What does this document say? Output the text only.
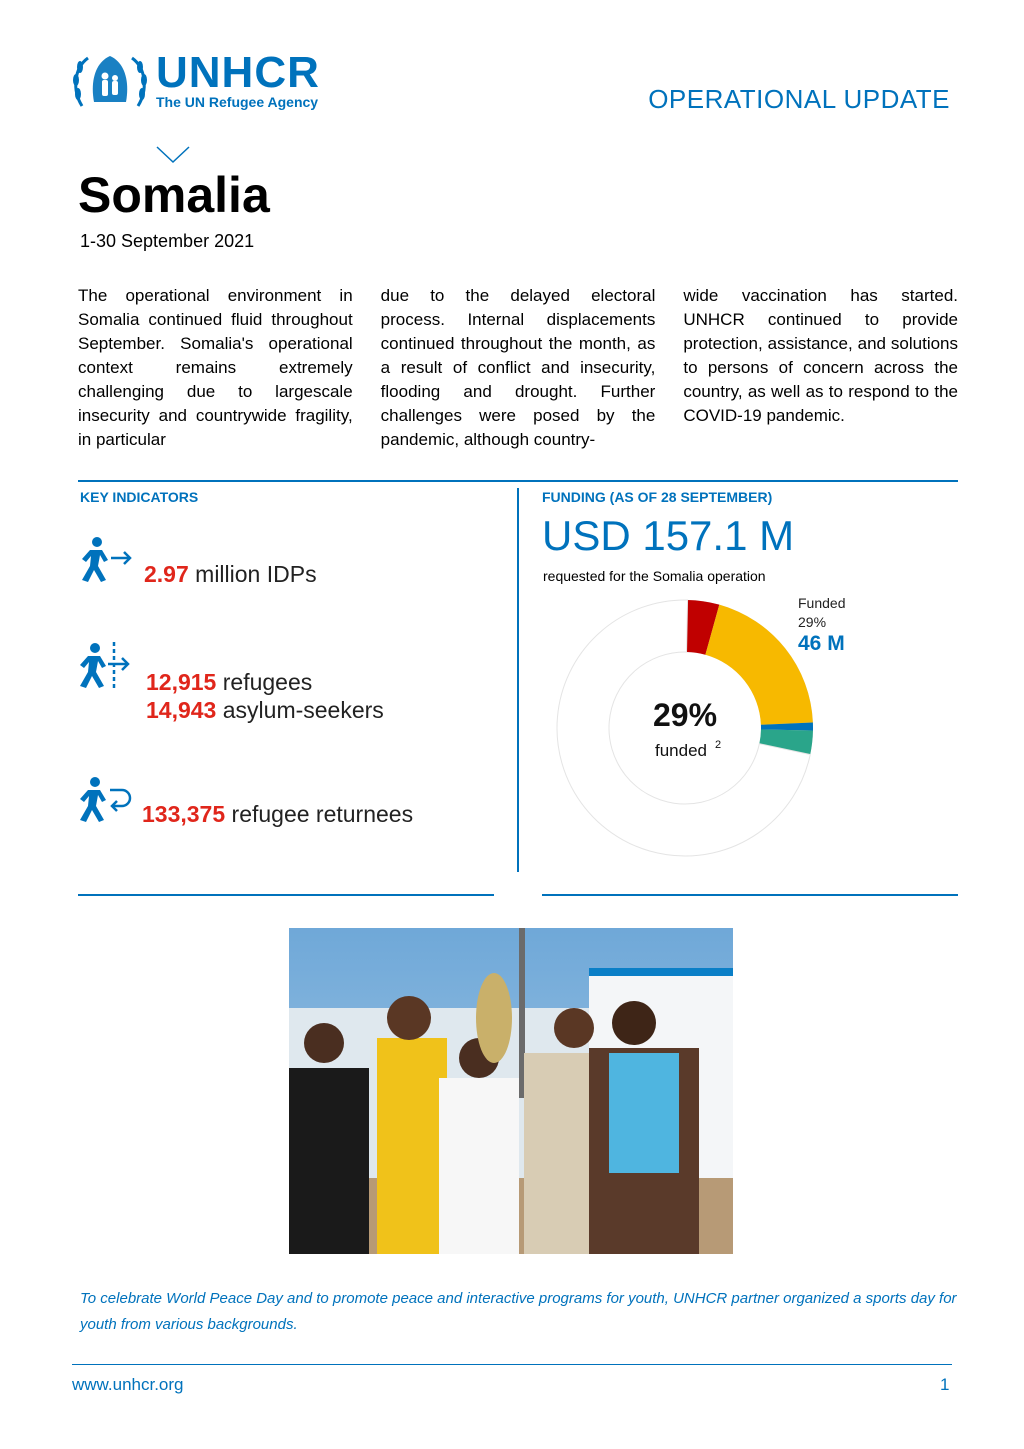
UNHCR
The UN Refugee Agency	OPERATIONAL UPDATE
Somalia
1-30 September 2021
The operational environment in Somalia continued fluid throughout September. Somalia's operational context remains extremely challenging due to largescale insecurity and countrywide fragility, in particular
due to the delayed electoral process. Internal displacements continued throughout the month, as a result of conflict and insecurity, flooding and drought. Further challenges were posed by the pandemic, although country-
wide vaccination has started. UNHCR continued to provide protection, assistance, and solutions to persons of concern across the country, as well as to respond to the COVID-19 pandemic.
KEY INDICATORS
2.97 million IDPs
12,915 refugees
14,943 asylum-seekers
133,375 refugee returnees
FUNDING (AS OF 28 SEPTEMBER)
USD 157.1 M
requested for the Somalia operation
29%
funded 2
Funded
29%
46 M
To celebrate World Peace Day and to promote peace and interactive programs for youth, UNHCR partner organized a sports day for youth from various backgrounds.
www.unhcr.org	1
